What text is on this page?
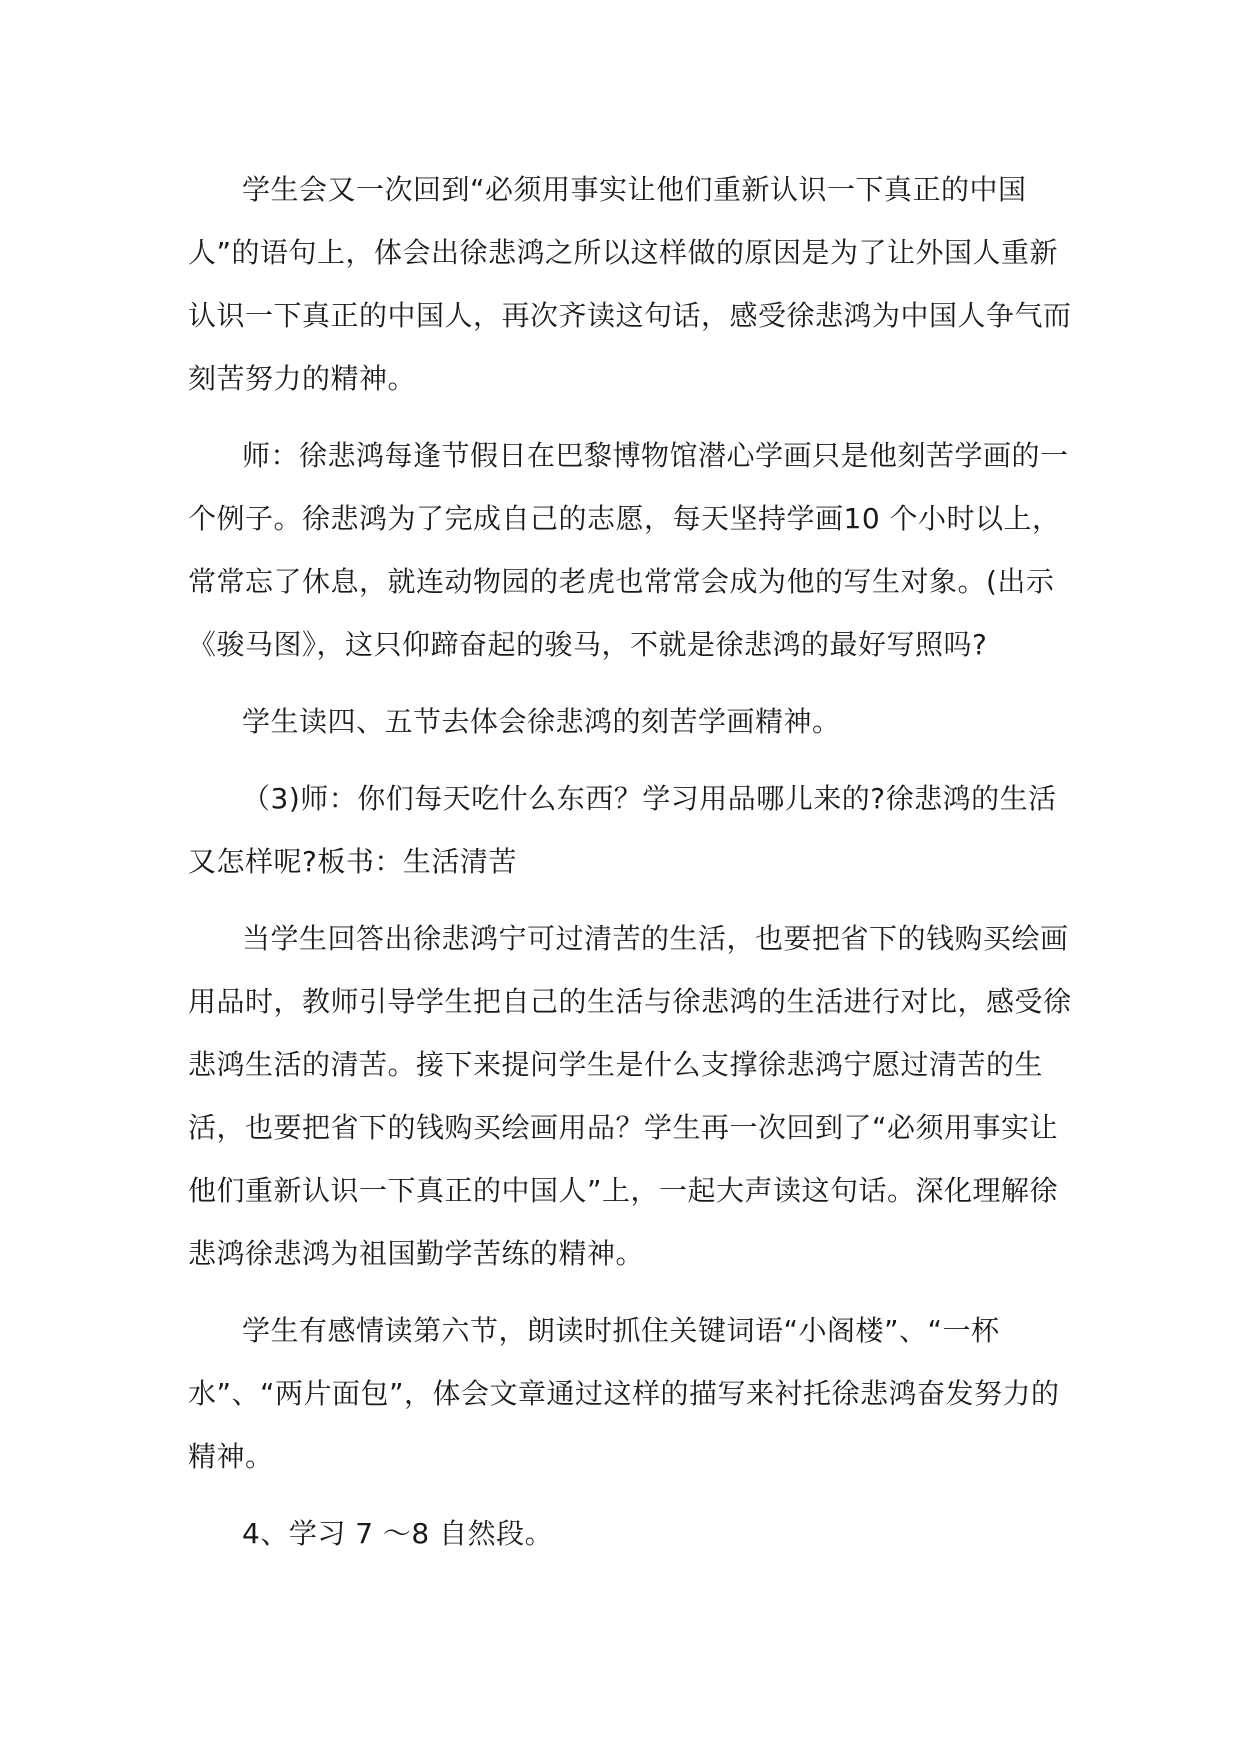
学生会又一次回到“必须用事实让他们重新认识一下真正的中国人”的语句上，体会出徐悲鸿之所以这样做的原因是为了让外国人重新认识一下真正的中国人，再次齐读这句话，感受徐悲鸿为中国人争气而刻苦努力的精神。

师：徐悲鸿每逢节假日在巴黎博物馆潜心学画只是他刻苦学画的一个例子。徐悲鸿为了完成自己的志愿，每天坚持学画10 个小时以上，常常忘了休息，就连动物园的老虎也常常会成为他的写生对象。(出示《骏马图》，这只仰蹄奋起的骏马，不就是徐悲鸿的最好写照吗?

学生读四、五节去体会徐悲鸿的刻苦学画精神。

（3)师：你们每天吃什么东西？学习用品哪儿来的?徐悲鸿的生活又怎样呢?板书：生活清苦

当学生回答出徐悲鸿宁可过清苦的生活，也要把省下的钱购买绘画用品时，教师引导学生把自己的生活与徐悲鸿的生活进行对比，感受徐悲鸿生活的清苦。接下来提问学生是什么支撑徐悲鸿宁愿过清苦的生活，也要把省下的钱购买绘画用品？学生再一次回到了“必须用事实让他们重新认识一下真正的中国人”上，一起大声读这句话。深化理解徐悲鸿徐悲鸿为祖国勤学苦练的精神。

学生有感情读第六节，朗读时抓住关键词语“小阁楼”、“一杯水”、“两片面包”，体会文章通过这样的描写来衬托徐悲鸿奋发努力的精神。

4、学习 7 ～8 自然段。
